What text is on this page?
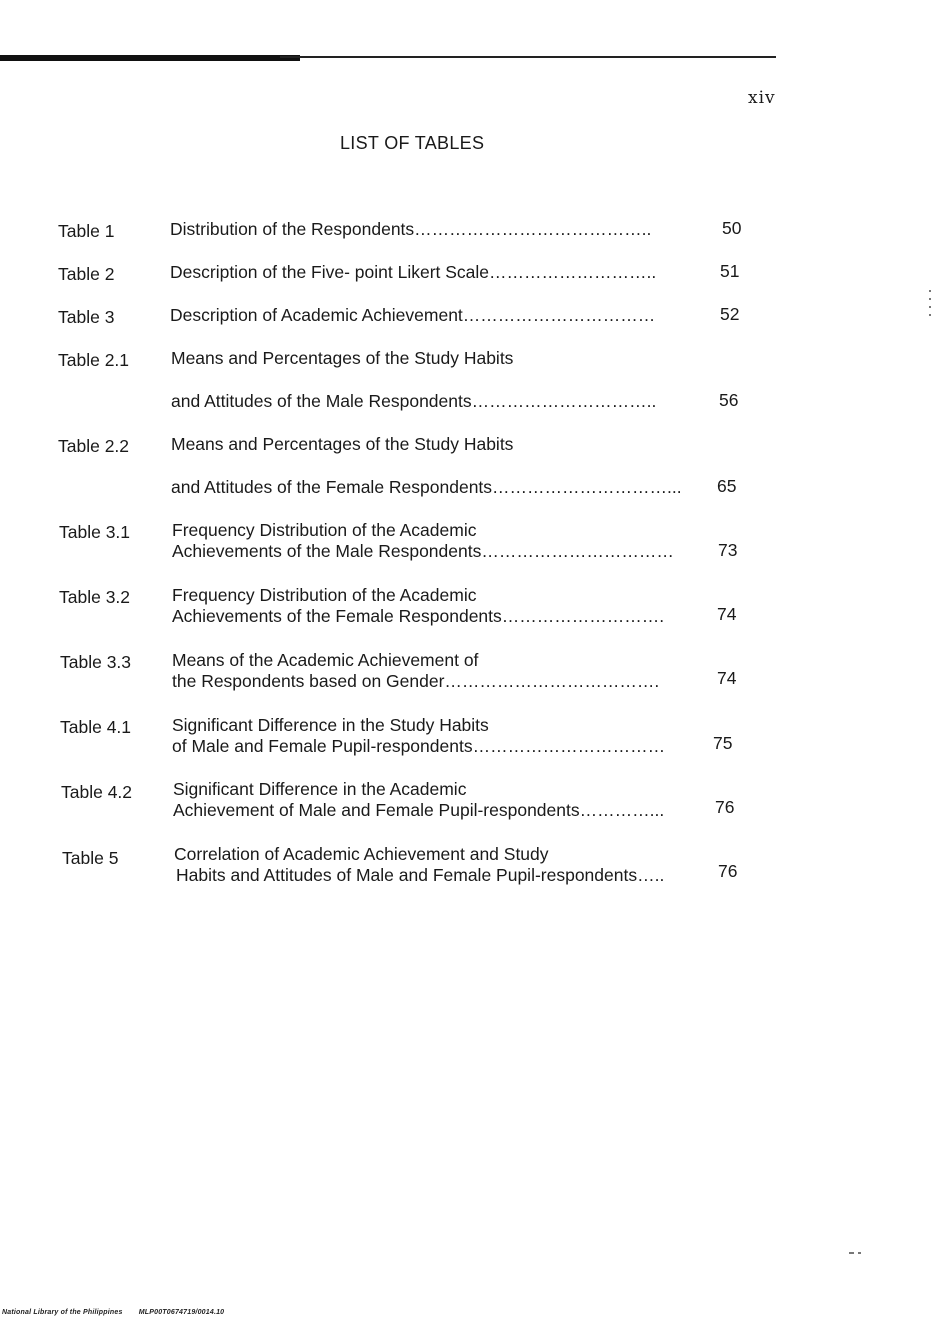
xiv
LIST OF TABLES
Table 1	Distribution of the Respondents…………………………………..	50
Table 2	Description of the Five- point Likert Scale………………………..	51
Table 3	Description of Academic Achievement……………………………	52
Table 2.1 Means and Percentages of the Study Habits
and Attitudes of the Male Respondents…………………………..	56
Table 2.2 Means and Percentages of the Study Habits
and Attitudes of the Female Respondents…………………………... 65
Table 3.1 Frequency Distribution of the Academic
Achievements of the Male Respondents……………………………	73
Table 3.2 Frequency Distribution of the Academic
Achievements of the Female Respondents……………………….	74
Table 3.3 Means of the Academic Achievement of
the Respondents based on Gender……………………………….	74
Table 4.1 Significant Difference in the Study Habits
of Male and Female Pupil-respondents……………………………	75
Table 4.2 Significant Difference in the Academic
Achievement of Male and Female Pupil-respondents…………...	76
Table 5	Correlation of Academic Achievement and Study
Habits and Attitudes of Male and Female Pupil-respondents…..	76
National Library of the Philippines MLP00T0674719/0014.10
